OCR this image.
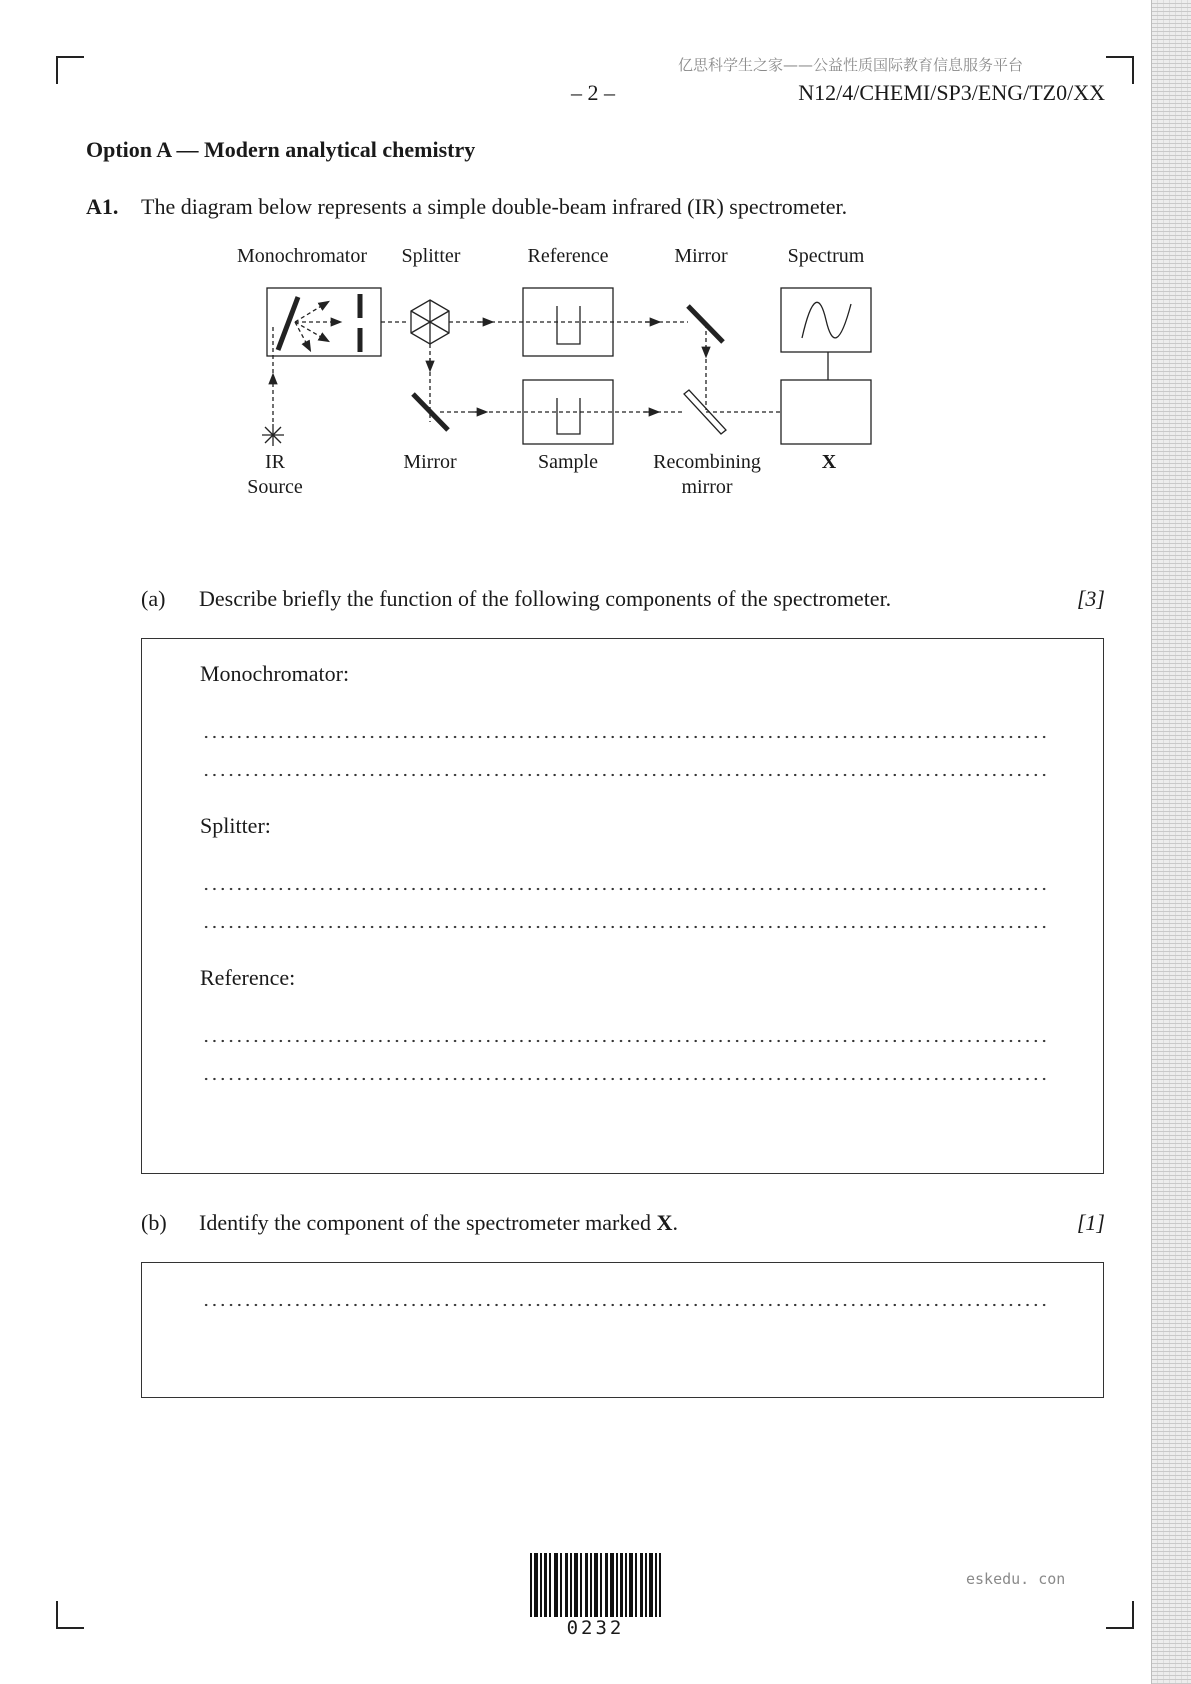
亿思科学生之家——公益性质国际教育信息服务平台
– 2 –	N12/4/CHEMI/SP3/ENG/TZ0/XX
Option A — Modern analytical chemistry
A1. The diagram below represents a simple double-beam infrared (IR) spectrometer.
Monochromator Splitter	Reference	Mirror	Spectrum
IR
Source
Mirror	Sample	Recombining
mirror
X
(a) Describe briefly the function of the following components of the spectrometer.	[3]
Monochromator:
Splitter:
Reference:
(b) Identify the component of the spectrometer marked X.	[1]
0232
eskedu. con
